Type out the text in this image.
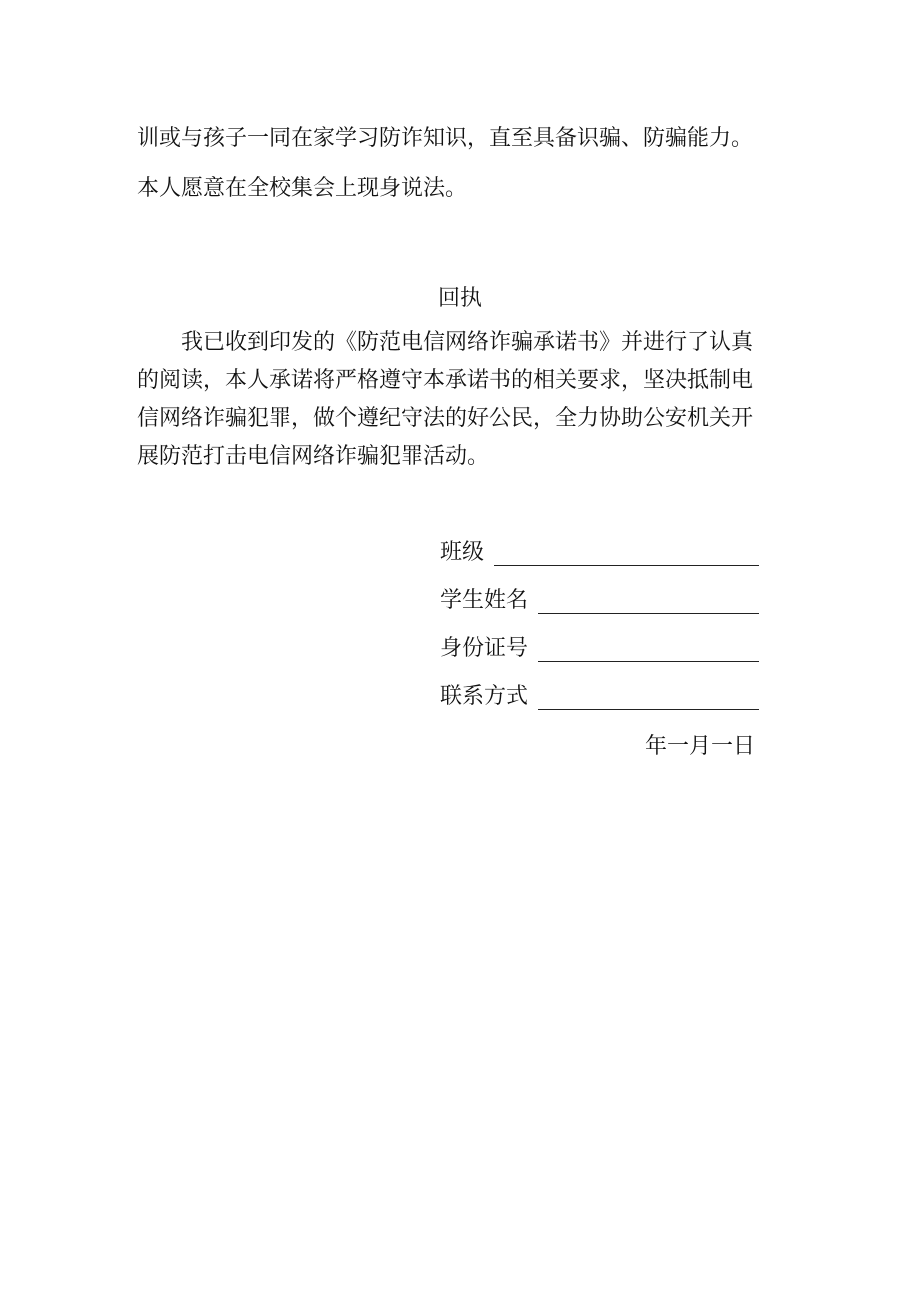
训或与孩子一同在家学习防诈知识，直至具备识骗、防骗能力。
本人愿意在全校集会上现身说法。
回执
　　我已收到印发的《防范电信网络诈骗承诺书》并进行了认真
的阅读，本人承诺将严格遵守本承诺书的相关要求，坚决抵制电
信网络诈骗犯罪，做个遵纪守法的好公民，全力协助公安机关开
展防范打击电信网络诈骗犯罪活动。
班级
学生姓名
身份证号
联系方式
年一月一日
